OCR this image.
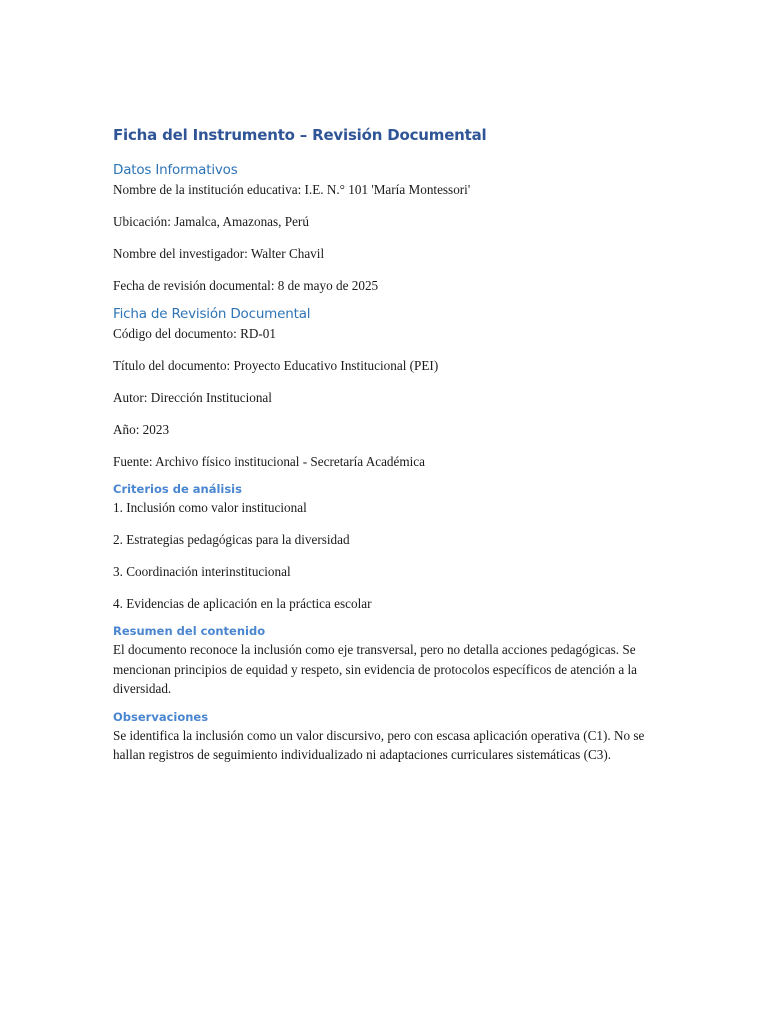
Ficha del Instrumento – Revisión Documental
Datos Informativos
Nombre de la institución educativa: I.E. N.° 101 'María Montessori'
Ubicación: Jamalca, Amazonas, Perú
Nombre del investigador: Walter Chavil
Fecha de revisión documental: 8 de mayo de 2025
Ficha de Revisión Documental
Código del documento: RD-01
Título del documento: Proyecto Educativo Institucional (PEI)
Autor: Dirección Institucional
Año: 2023
Fuente: Archivo físico institucional - Secretaría Académica
Criterios de análisis
1. Inclusión como valor institucional
2. Estrategias pedagógicas para la diversidad
3. Coordinación interinstitucional
4. Evidencias de aplicación en la práctica escolar
Resumen del contenido
El documento reconoce la inclusión como eje transversal, pero no detalla acciones pedagógicas. Se mencionan principios de equidad y respeto, sin evidencia de protocolos específicos de atención a la diversidad.
Observaciones
Se identifica la inclusión como un valor discursivo, pero con escasa aplicación operativa (C1). No se hallan registros de seguimiento individualizado ni adaptaciones curriculares sistemáticas (C3).
